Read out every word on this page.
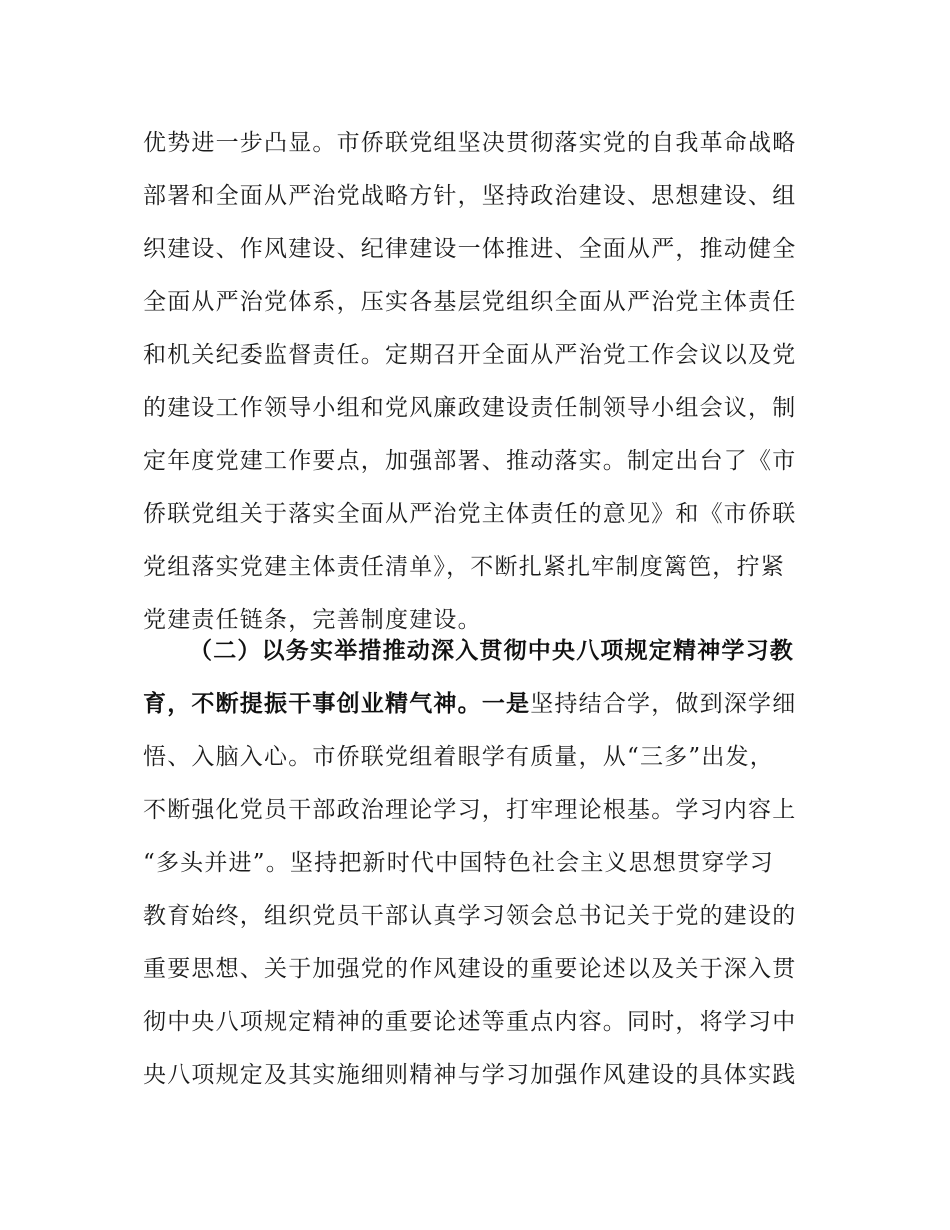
优势进一步凸显。市侨联党组坚决贯彻落实党的自我革命战略
部署和全面从严治党战略方针，坚持政治建设、思想建设、组
织建设、作风建设、纪律建设一体推进、全面从严，推动健全
全面从严治党体系，压实各基层党组织全面从严治党主体责任
和机关纪委监督责任。定期召开全面从严治党工作会议以及党
的建设工作领导小组和党风廉政建设责任制领导小组会议，制
定年度党建工作要点，加强部署、推动落实。制定出台了《市
侨联党组关于落实全面从严治党主体责任的意见》和《市侨联
党组落实党建主体责任清单》，不断扎紧扎牢制度篱笆，拧紧
党建责任链条，完善制度建设。
（二）以务实举措推动深入贯彻中央八项规定精神学习教
育，不断提振干事创业精气神。一是坚持结合学，做到深学细
悟、入脑入心。市侨联党组着眼学有质量，从“三多”出发，
不断强化党员干部政治理论学习，打牢理论根基。学习内容上
“多头并进”。坚持把新时代中国特色社会主义思想贯穿学习
教育始终，组织党员干部认真学习领会总书记关于党的建设的
重要思想、关于加强党的作风建设的重要论述以及关于深入贯
彻中央八项规定精神的重要论述等重点内容。同时，将学习中
央八项规定及其实施细则精神与学习加强作风建设的具体实践
